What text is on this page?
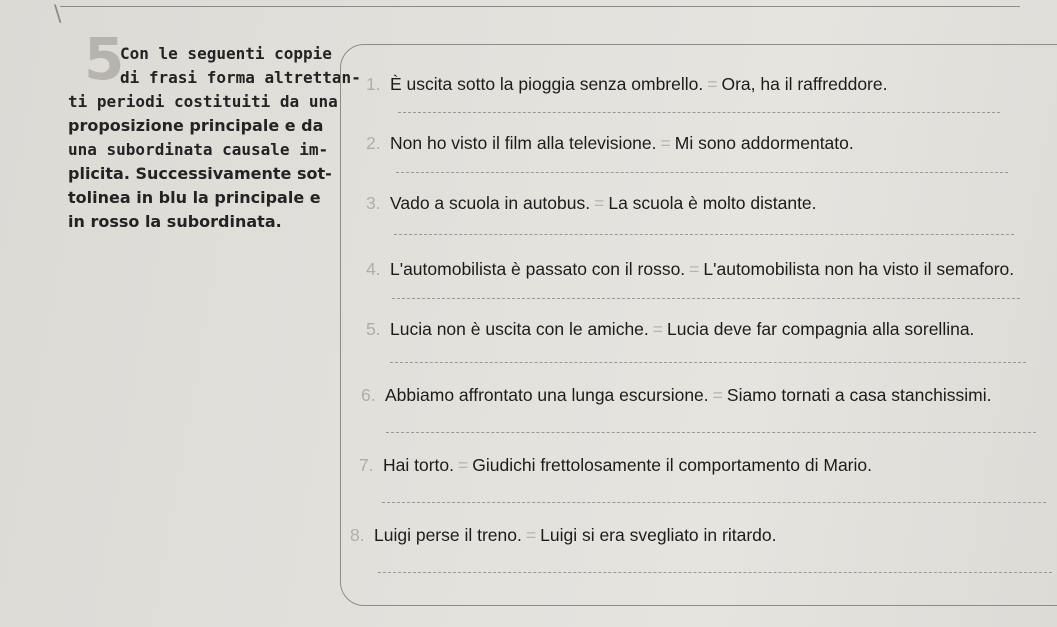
\
5

Con le seguenti coppie
di frasi forma altrettan-
ti periodi costituiti da una
proposizione principale e da
una subordinata causale im-
plicita. Successivamente sot-
tolinea in blu la principale e
in rosso la subordinata.

1. È uscita sotto la pioggia senza ombrello. = Ora, ha il raffreddore.
2. Non ho visto il film alla televisione. = Mi sono addormentato.
3. Vado a scuola in autobus. = La scuola è molto distante.
4. L'automobilista è passato con il rosso. = L'automobilista non ha visto il semaforo.
5. Lucia non è uscita con le amiche. = Lucia deve far compagnia alla sorellina.
6. Abbiamo affrontato una lunga escursione. = Siamo tornati a casa stanchissimi.
7. Hai torto. = Giudichi frettolosamente il comportamento di Mario.
8. Luigi perse il treno. = Luigi si era svegliato in ritardo.
